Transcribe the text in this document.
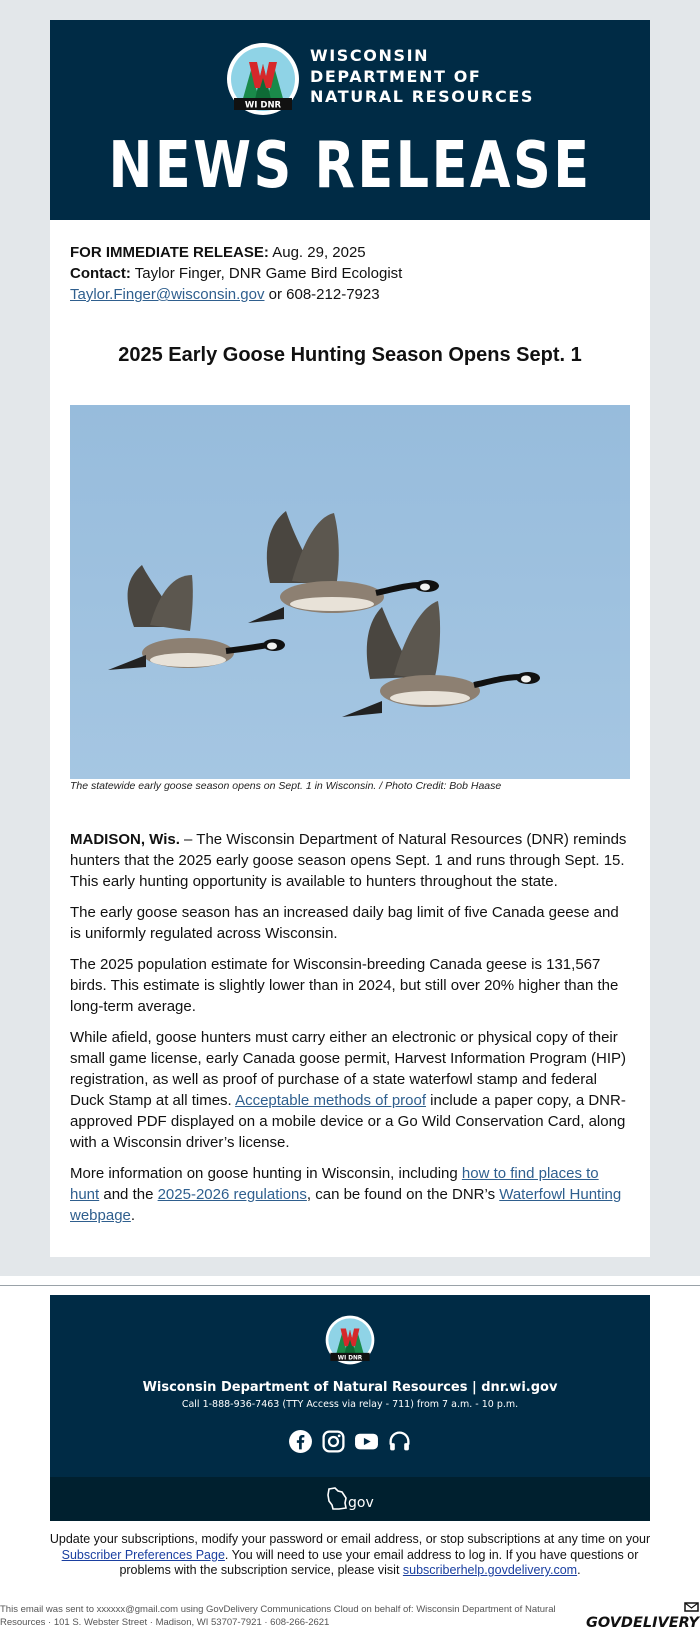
WI DNR
WISCONSIN
DEPARTMENT OF
NATURAL RESOURCES
NEWS RELEASE
FOR IMMEDIATE RELEASE: Aug. 29, 2025
Contact: Taylor Finger, DNR Game Bird Ecologist
Taylor.Finger@wisconsin.gov or 608-212-7923
2025 Early Goose Hunting Season Opens Sept. 1
The statewide early goose season opens on Sept. 1 in Wisconsin. / Photo Credit: Bob Haase

MADISON, Wis. – The Wisconsin Department of Natural Resources (DNR) reminds hunters that the 2025 early goose season opens Sept. 1 and runs through Sept. 15. This early hunting opportunity is available to hunters throughout the state.

The early goose season has an increased daily bag limit of five Canada geese and is uniformly regulated across Wisconsin.

The 2025 population estimate for Wisconsin-breeding Canada geese is 131,567 birds. This estimate is slightly lower than in 2024, but still over 20% higher than the long-term average.

While afield, goose hunters must carry either an electronic or physical copy of their small game license, early Canada goose permit, Harvest Information Program (HIP) registration, as well as proof of purchase of a state waterfowl stamp and federal Duck Stamp at all times. Acceptable methods of proof include a paper copy, a DNR-approved PDF displayed on a mobile device or a Go Wild Conservation Card, along with a Wisconsin driver’s license.

More information on goose hunting in Wisconsin, including how to find places to hunt and the 2025-2026 regulations, can be found on the DNR’s Waterfowl Hunting webpage.

WI DNR
Wisconsin Department of Natural Resources | dnr.wi.gov
Call 1-888-936-7463 (TTY Access via relay - 711) from 7 a.m. - 10 p.m.
gov
Update your subscriptions, modify your password or email address, or stop subscriptions at any time on your Subscriber Preferences Page. You will need to use your email address to log in. If you have questions or problems with the subscription service, please visit subscriberhelp.govdelivery.com.
This email was sent to xxxxxx@gmail.com using GovDelivery Communications Cloud on behalf of: Wisconsin Department of Natural Resources · 101 S. Webster Street · Madison, WI 53707-7921 · 608-266-2621	GOVDELIVERY
